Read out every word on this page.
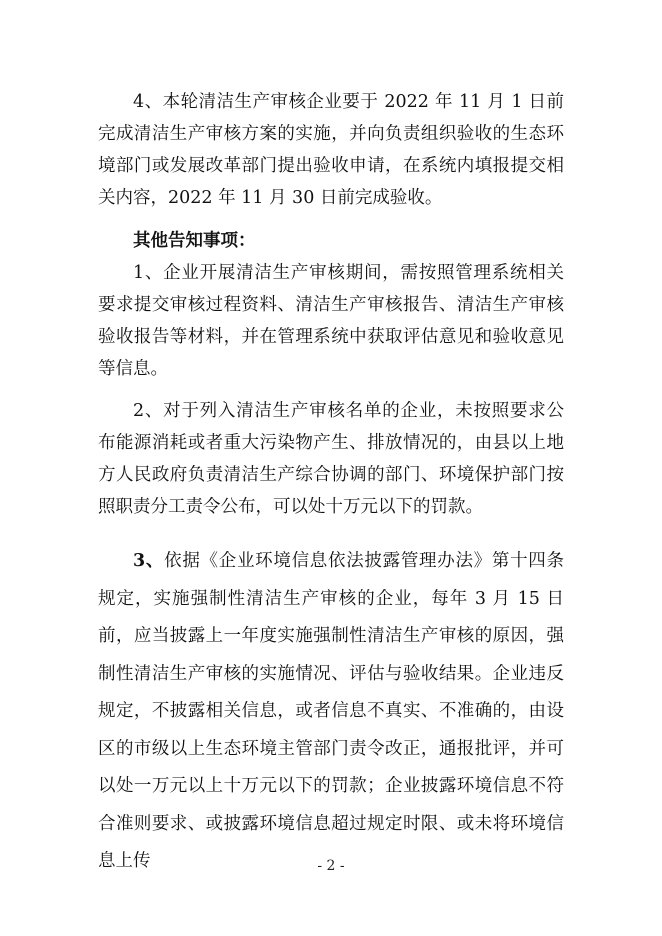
4、本轮清洁生产审核企业要于 2022 年 11 月 1 日前完成清洁生产审核方案的实施，并向负责组织验收的生态环境部门或发展改革部门提出验收申请，在系统内填报提交相关内容，2022 年 11 月 30 日前完成验收。

其他告知事项：

1、企业开展清洁生产审核期间，需按照管理系统相关要求提交审核过程资料、清洁生产审核报告、清洁生产审核验收报告等材料，并在管理系统中获取评估意见和验收意见等信息。

2、对于列入清洁生产审核名单的企业，未按照要求公布能源消耗或者重大污染物产生、排放情况的，由县以上地方人民政府负责清洁生产综合协调的部门、环境保护部门按照职责分工责令公布，可以处十万元以下的罚款。

3、依据《企业环境信息依法披露管理办法》第十四条规定，实施强制性清洁生产审核的企业，每年 3 月 15 日前，应当披露上一年度实施强制性清洁生产审核的原因，强制性清洁生产审核的实施情况、评估与验收结果。企业违反规定，不披露相关信息，或者信息不真实、不准确的，由设区的市级以上生态环境主管部门责令改正，通报批评，并可以处一万元以上十万元以下的罚款；企业披露环境信息不符合准则要求、或披露环境信息超过规定时限、或未将环境信息上传	- 2 -
